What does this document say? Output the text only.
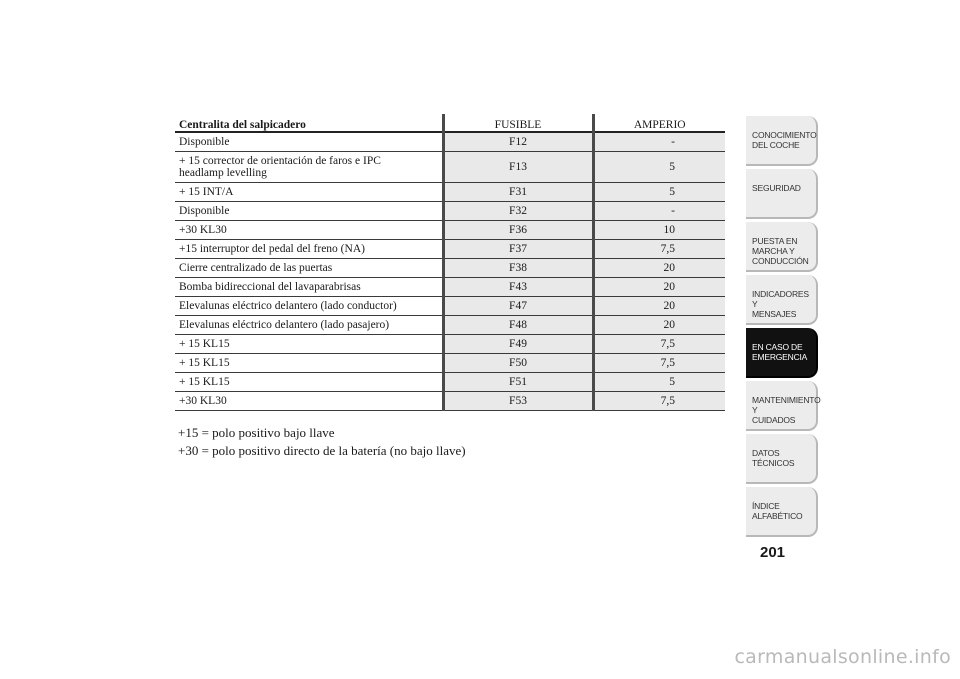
Centralita del salpicadero	FUSIBLE	AMPERIO
Disponible	F12	-
+ 15 corrector de orientación de faros e IPC
headlamp levelling	F13	5
+ 15 INT/A	F31	5
Disponible	F32	-
+30 KL30	F36	10
+15 interruptor del pedal del freno (NA)	F37	7,5
Cierre centralizado de las puertas	F38	20
Bomba bidireccional del lavaparabrisas	F43	20
Elevalunas eléctrico delantero (lado conductor)	F47	20
Elevalunas eléctrico delantero (lado pasajero)	F48	20
+ 15 KL15	F49	7,5
+ 15 KL15	F50	7,5
+ 15 KL15	F51	5
+30 KL30	F53	7,5
+15 = polo positivo bajo llave
+30 = polo positivo directo de la batería (no bajo llave)
CONOCIMIENTO
DEL COCHE
SEGURIDAD
PUESTA EN
MARCHA Y
CONDUCCIÓN
INDICADORES Y
MENSAJES
EN CASO DE
EMERGENCIA
MANTENIMIENTO Y
CUIDADOS
DATOS TÉCNICOS
ÍNDICE
ALFABÉTICO
201
carmanualsonline.info
